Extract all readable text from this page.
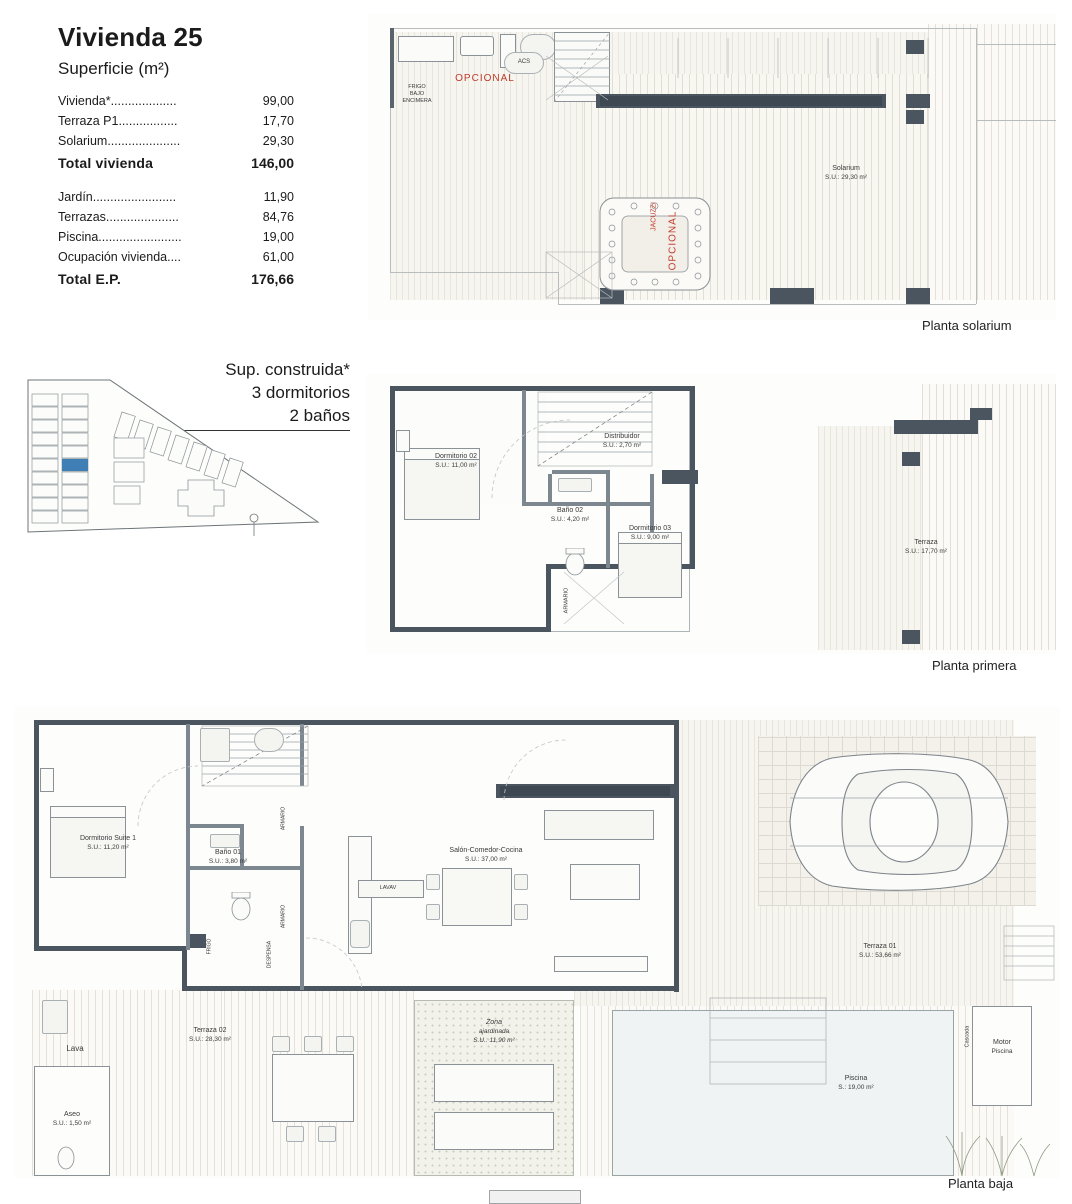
Vivienda 25
Superficie (m²)
Vivienda*...................	99,00
Terraza P1.................	17,70
Solarium.....................	29,30
Total vivienda	146,00
Jardín........................	11,90
Terrazas.....................	84,76
Piscina........................	19,00
Ocupación vivienda....	61,00
Total E.P.	176,66
Sup. construida*
3 dormitorios
2 baños
FRIGO
BAJO
ENCIMERA
OPCIONAL
ACS
Solarium
S.U.: 29,30 m²
JACUZZI OPCIONAL
Planta solarium
Dormitorio 02
S.U.: 11,00 m²
Dormitorio 03
S.U.: 9,00 m²
Baño 02
S.U.: 4,20 m²
Distribuidor
S.U.: 2,70 m²
ARMARIO
Terraza
S.U.: 17,70 m²
Planta primera
Dormitorio Suite 1
S.U.: 11,20 m²
Baño 01
S.U.: 3,80 m²
ARMARIO
ARMARIO
DESPENSA
FRIGO
LAVAV
Salón-Comedor-Cocina
S.U.: 37,00 m²
Terraza 01
S.U.: 53,66 m²
Terraza 02
S.U.: 28,30 m²
Zona
ajardinada
S.U.: 11,90 m²
Piscina
S.: 19,00 m²
Cascada	Motor
Piscina
Aseo
S.U.: 1,50 m²
Lava
Planta baja
